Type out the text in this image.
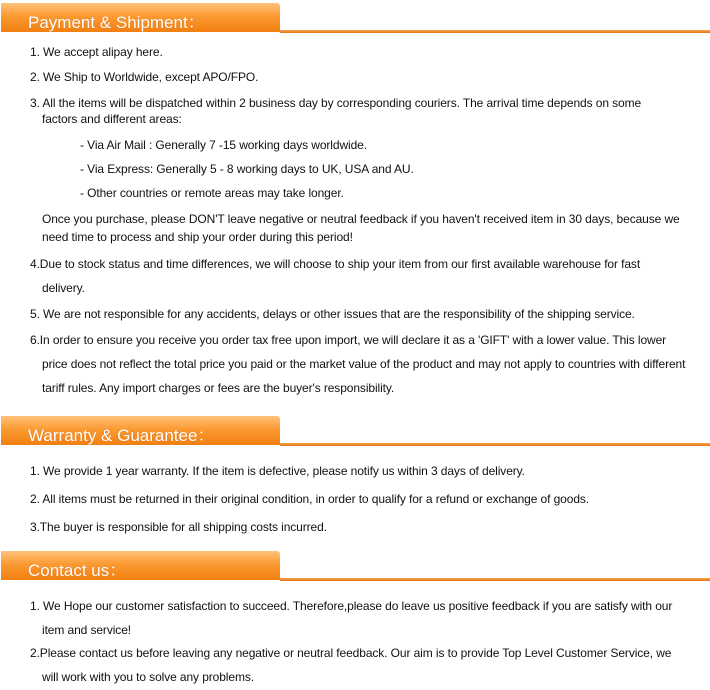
Payment & Shipment：
1. We accept alipay here.
2. We Ship to Worldwide, except APO/FPO.
3. All the items will be dispatched within 2 business day by corresponding couriers. The arrival time depends on some
factors and different areas:
- Via Air Mail : Generally 7 -15 working days worldwide.
- Via Express: Generally 5 - 8 working days to UK, USA and AU.
- Other countries or remote areas may take longer.
Once you purchase, please DON'T leave negative or neutral feedback if you haven't received item in 30 days, because we
need time to process and ship your order during this period!
4.Due to stock status and time differences, we will choose to ship your item from our first available warehouse for fast
delivery.
5. We are not responsible for any accidents, delays or other issues that are the responsibility of the shipping service.
6.In order to ensure you receive you order tax free upon import, we will declare it as a 'GIFT' with a lower value. This lower
price does not reflect the total price you paid or the market value of the product and may not apply to countries with different
tariff rules. Any import charges or fees are the buyer's responsibility.
Warranty & Guarantee：
1. We provide 1 year warranty. If the item is defective, please notify us within 3 days of delivery.
2. All items must be returned in their original condition, in order to qualify for a refund or exchange of goods.
3.The buyer is responsible for all shipping costs incurred.
Contact us：
1. We Hope our customer satisfaction to succeed. Therefore,please do leave us positive feedback if you are satisfy with our
item and service!
2.Please contact us before leaving any negative or neutral feedback. Our aim is to provide Top Level Customer Service, we
will work with you to solve any problems.
